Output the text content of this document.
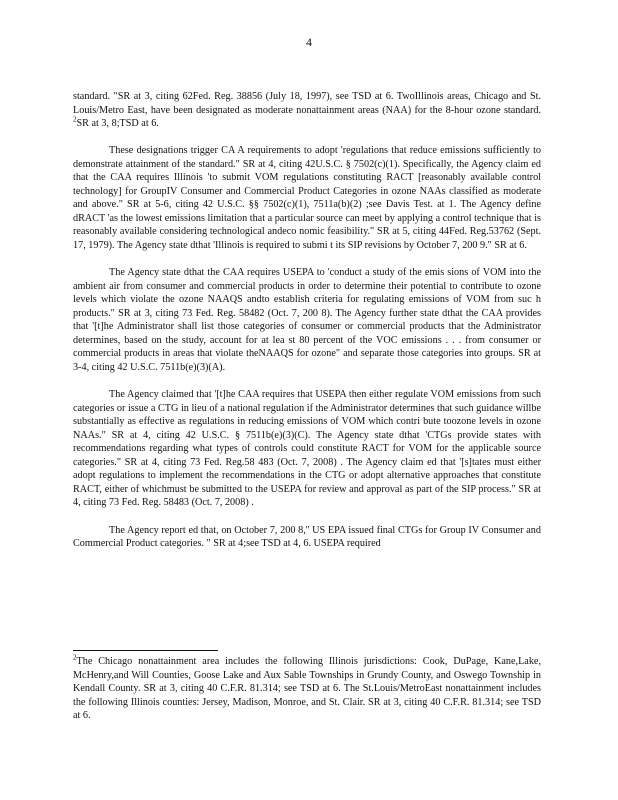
4

standard. "SR at 3, citing 62Fed. Reg. 38856 (July 18, 1997), see TSD at 6. TwoIllinois areas, Chicago and St. Louis/Metro East, have been designated as moderate nonattainment areas (NAA) for the 8-hour ozone standard. $^2$SR at 3, 8;TSD at 6.

These designations trigger CA A requirements to adopt 'regulations that reduce emissions sufficiently to demonstrate attainment of the standard." SR at 4, citing 42U.S.C. § 7502(c)(1). Specifically, the Agency claim ed that the CAA requires Illinois 'to submit VOM regulations constituting RACT [reasonably available control technology] for GroupIV Consumer and Commercial Product Categories in ozone NAAs classified as moderate and above." SR at 5-6, citing 42 U.S.C. §§ 7502(c)(1), 7511a(b)(2) ;see Davis Test. at 1. The Agency define dRACT 'as the lowest emissions limitation that a particular source can meet by applying a control technique that is reasonably available considering technological andeco nomic feasibility." SR at 5, citing 44Fed. Reg.53762 (Sept. 17, 1979). The Agency state dthat 'Illinois is required to submi t its SIP revisions by October 7, 200 9." SR at 6.

The Agency state dthat the CAA requires USEPA to 'conduct a study of the emis sions of VOM into the ambient air from consumer and commercial products in order to determine their potential to contribute to ozone levels which violate the ozone NAAQS andto establish criteria for regulating emissions of VOM from suc h products." SR at 3, citing 73 Fed. Reg. 58482 (Oct. 7, 200 8). The Agency further state dthat the CAA provides that '[t]he Administrator shall list those categories of consumer or commercial products that the Administrator determines, based on the study, account for at lea st 80 percent of the VOC emissions . . . from consumer or commercial products in areas that violate theNAAQS for ozone" and separate those categories into groups. SR at 3-4, citing 42 U.S.C. 7511b(e)(3)(A).

The Agency claimed that '[t]he CAA requires that USEPA then either regulate VOM emissions from such categories or issue a CTG in lieu of a national regulation if the Administrator determines that such guidance willbe substantially as effective as regulations in reducing emissions of VOM which contri bute toozone levels in ozone NAAs." SR at 4, citing 42 U.S.C. § 7511b(e)(3)(C). The Agency state dthat 'CTGs provide states with recommendations regarding what types of controls could constitute RACT for VOM for the applicable source categories." SR at 4, citing 73 Fed. Reg.58 483 (Oct. 7, 2008) . The Agency claim ed that '[s]tates must either adopt regulations to implement the recommendations in the CTG or adopt alternative approaches that constitute RACT, either of whichmust be submitted to the USEPA for review and approval as part of the SIP process." SR at 4, citing 73 Fed. Reg. 58483 (Oct. 7, 2008) .

The Agency report ed that, on October 7, 200 8,'' US EPA issued final CTGs for Group IV Consumer and Commercial Product categories. " SR at 4;see TSD at 4, 6. USEPA required

$^2$The Chicago nonattainment area includes the following Illinois jurisdictions: Cook, DuPage, Kane,Lake, McHenry,and Will Counties, Goose Lake and Aux Sable Townships in Grundy County, and Oswego Township in Kendall County. SR at 3, citing 40 C.F.R. 81.314; see TSD at 6. The St.Louis/MetroEast nonattainment includes the following Illinois counties: Jersey, Madison, Monroe, and St. Clair. SR at 3, citing 40 C.F.R. 81.314; see TSD at 6.
